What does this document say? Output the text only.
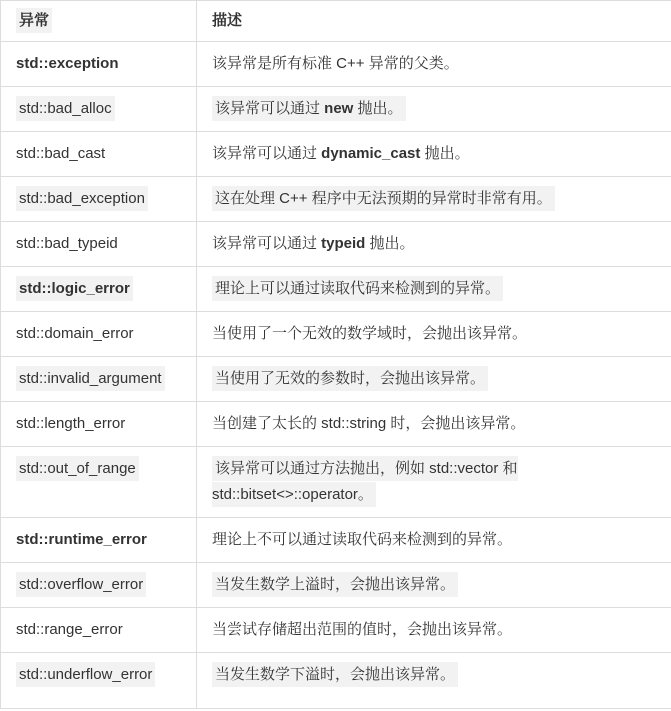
异常	描述
std::exception	该异常是所有标准 C++ 异常的父类。
std::bad_alloc	该异常可以通过 new 抛出。
std::bad_cast	该异常可以通过 dynamic_cast 抛出。
std::bad_exception	这在处理 C++ 程序中无法预期的异常时非常有用。
std::bad_typeid	该异常可以通过 typeid 抛出。
std::logic_error	理论上可以通过读取代码来检测到的异常。
std::domain_error	当使用了一个无效的数学域时，会抛出该异常。
std::invalid_argument	当使用了无效的参数时，会抛出该异常。
std::length_error	当创建了太长的 std::string 时，会抛出该异常。
std::out_of_range	该异常可以通过方法抛出，例如 std::vector 和 std::bitset<>::operator。
std::runtime_error	理论上不可以通过读取代码来检测到的异常。
std::overflow_error	当发生数学上溢时，会抛出该异常。
std::range_error	当尝试存储超出范围的值时，会抛出该异常。
std::underflow_error	当发生数学下溢时，会抛出该异常。
